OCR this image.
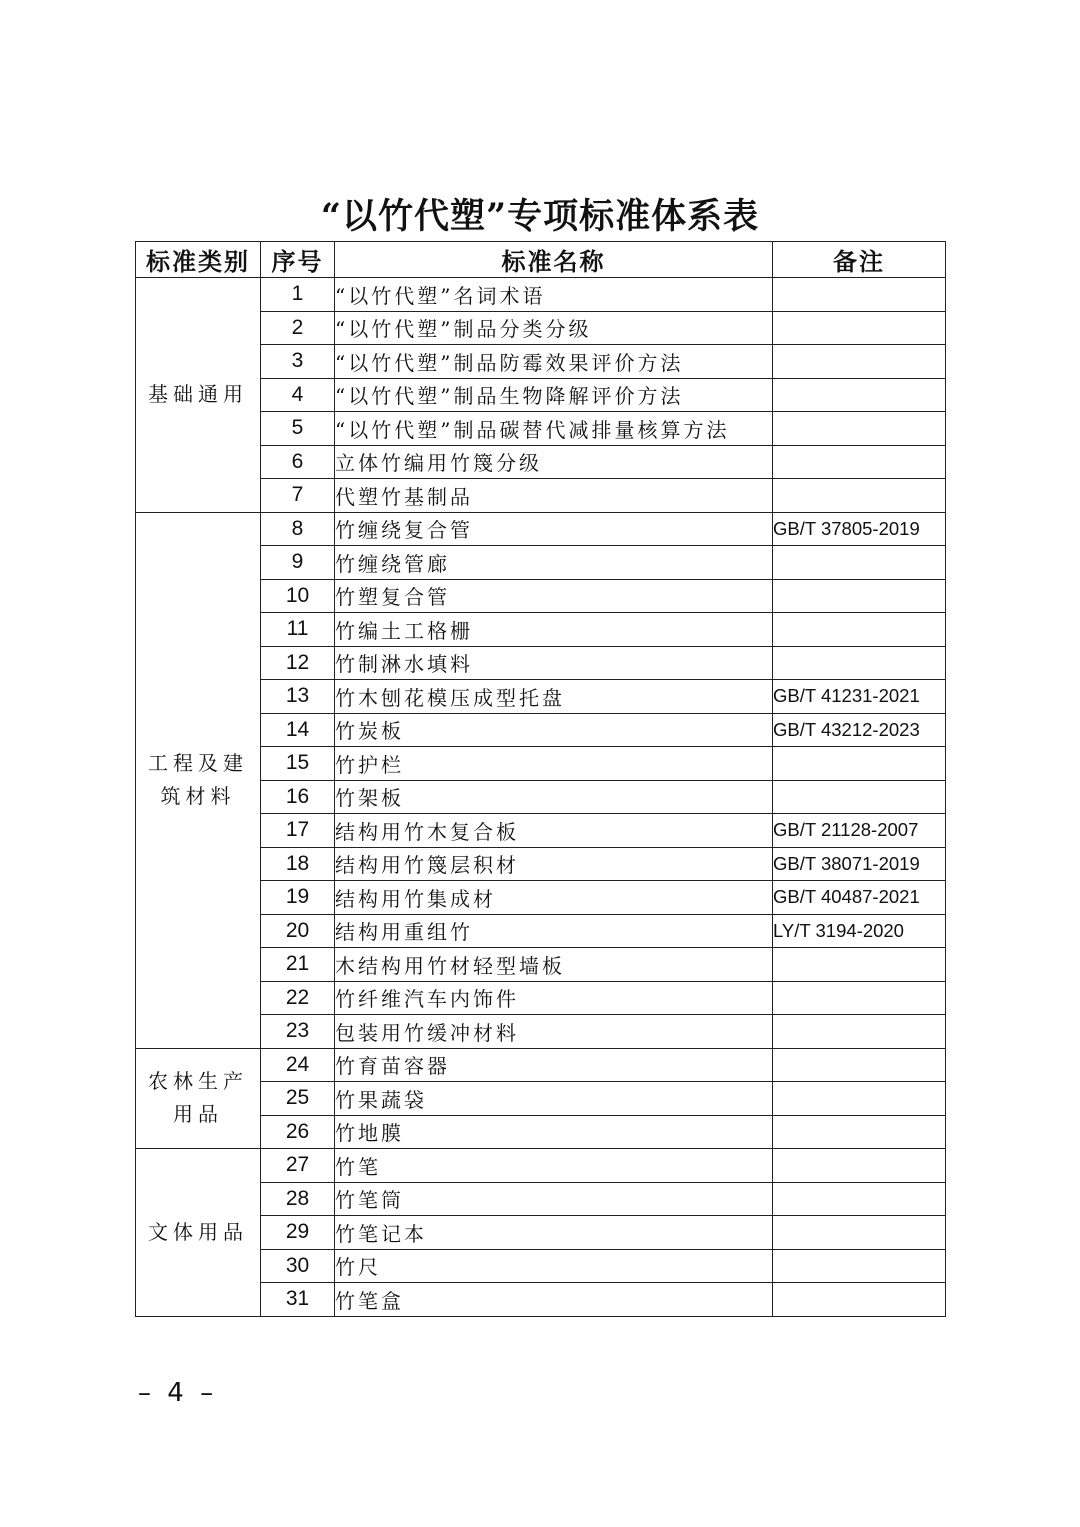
“以竹代塑”专项标准体系表
标准类别	序号	标准名称	备注
基础通用	1	“以竹代塑”名词术语	
	2	“以竹代塑”制品分类分级	
	3	“以竹代塑”制品防霉效果评价方法	
	4	“以竹代塑”制品生物降解评价方法	
	5	“以竹代塑”制品碳替代减排量核算方法	
	6	立体竹编用竹篾分级	
	7	代塑竹基制品	
工程及建筑材料	8	竹缠绕复合管	GB/T 37805-2019
	9	竹缠绕管廊	
	10	竹塑复合管	
	11	竹编土工格栅	
	12	竹制淋水填料	
	13	竹木刨花模压成型托盘	GB/T 41231-2021
	14	竹炭板	GB/T 43212-2023
	15	竹护栏	
	16	竹架板	
	17	结构用竹木复合板	GB/T 21128-2007
	18	结构用竹篾层积材	GB/T 38071-2019
	19	结构用竹集成材	GB/T 40487-2021
	20	结构用重组竹	LY/T 3194-2020
	21	木结构用竹材轻型墙板	
	22	竹纤维汽车内饰件	
	23	包装用竹缓冲材料	
农林生产用品	24	竹育苗容器	
	25	竹果蔬袋	
	26	竹地膜	
文体用品	27	竹笔	
	28	竹笔筒	
	29	竹笔记本	
	30	竹尺	
	31	竹笔盒	
– 4 –
